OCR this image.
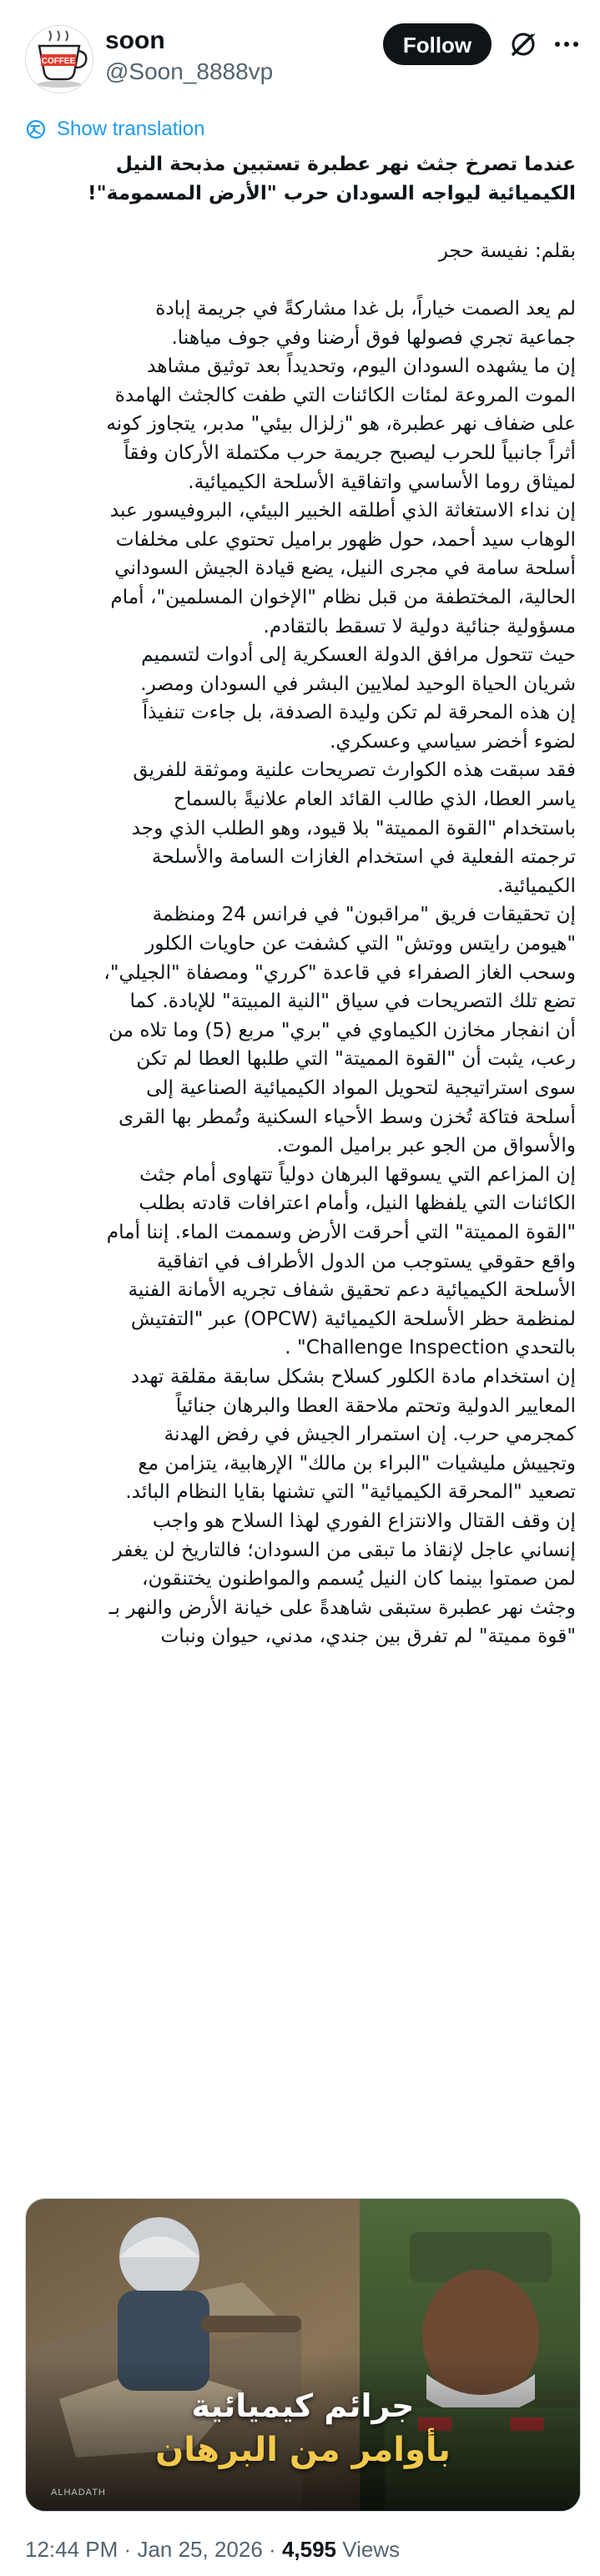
COFFEE
soon
@Soon_8888vp
Follow
Show translation

عندما تصرخ جثث نهر عطبرة تستبين مذبحة النيل

الكيميائية ليواجه السودان حرب "الأرض المسمومة"!

بقلم: نفيسة حجر

لم يعد الصمت خياراً، بل غدا مشاركةً في جريمة إبادة

جماعية تجري فصولها فوق أرضنا وفي جوف مياهنا.

إن ما يشهده السودان اليوم، وتحديداً بعد توثيق مشاهد

الموت المروعة لمئات الكائنات التي طفت كالجثث الهامدة

على ضفاف نهر عطبرة، هو "زلزال بيئي" مدبر، يتجاوز كونه

أثراً جانبياً للحرب ليصبح جريمة حرب مكتملة الأركان وفقاً

لميثاق روما الأساسي واتفاقية الأسلحة الكيميائية.

إن نداء الاستغاثة الذي أطلقه الخبير البيئي، البروفيسور عبد

الوهاب سيد أحمد، حول ظهور براميل تحتوي على مخلفات

أسلحة سامة في مجرى النيل، يضع قيادة الجيش السوداني

الحالية، المختطفة من قبل نظام "الإخوان المسلمين"، أمام

مسؤولية جنائية دولية لا تسقط بالتقادم.

حيث تتحول مرافق الدولة العسكرية إلى أدوات لتسميم

شريان الحياة الوحيد لملايين البشر في السودان ومصر.

إن هذه المحرقة لم تكن وليدة الصدفة، بل جاءت تنفيذاً

لضوء أخضر سياسي وعسكري.

فقد سبقت هذه الكوارث تصريحات علنية وموثقة للفريق

ياسر العطا، الذي طالب القائد العام علانيةً بالسماح

باستخدام "القوة المميتة" بلا قيود، وهو الطلب الذي وجد

ترجمته الفعلية في استخدام الغازات السامة والأسلحة

الكيميائية.

إن تحقيقات فريق "مراقبون" في فرانس 24 ومنظمة

"هيومن رايتس ووتش" التي كشفت عن حاويات الكلور

وسحب الغاز الصفراء في قاعدة "كرري" ومصفاة "الجيلي"،

تضع تلك التصريحات في سياق "النية المبيتة" للإبادة. كما

أن انفجار مخازن الكيماوي في "بري" مربع (5) وما تلاه من

رعب، يثبت أن "القوة المميتة" التي طلبها العطا لم تكن

سوى استراتيجية لتحويل المواد الكيميائية الصناعية إلى

أسلحة فتاكة تُخزن وسط الأحياء السكنية وتُمطر بها القرى

والأسواق من الجو عبر براميل الموت.

إن المزاعم التي يسوقها البرهان دولياً تتهاوى أمام جثث

الكائنات التي يلفظها النيل، وأمام اعترافات قادته بطلب

"القوة المميتة" التي أحرقت الأرض وسممت الماء. إننا أمام

واقع حقوقي يستوجب من الدول الأطراف في اتفاقية

الأسلحة الكيميائية دعم تحقيق شفاف تجريه الأمانة الفنية

لمنظمة حظر الأسلحة الكيميائية (OPCW) عبر "التفتيش

بالتحدي Challenge Inspection" .

إن استخدام مادة الكلور كسلاح بشكل سابقة مقلقة تهدد

المعايير الدولية وتحتم ملاحقة العطا والبرهان جنائياً

كمجرمي حرب. إن استمرار الجيش في رفض الهدنة

وتجييش مليشيات "البراء بن مالك" الإرهابية، يتزامن مع

تصعيد "المحرقة الكيميائية" التي تشنها بقايا النظام البائد.

إن وقف القتال والانتزاع الفوري لهذا السلاح هو واجب

إنساني عاجل لإنقاذ ما تبقى من السودان؛ فالتاريخ لن يغفر

لمن صمتوا بينما كان النيل يُسمم والمواطنون يختنقون،

وجثث نهر عطبرة ستبقى شاهدةً على خيانة الأرض والنهر بـ

"قوة مميتة" لم تفرق بين جندي، مدني، حيوان ونبات

جرائم كيميائية
بأوامر من البرهان
ALHADATH
12:44 PM · Jan 25, 2026 · 4,595 Views
